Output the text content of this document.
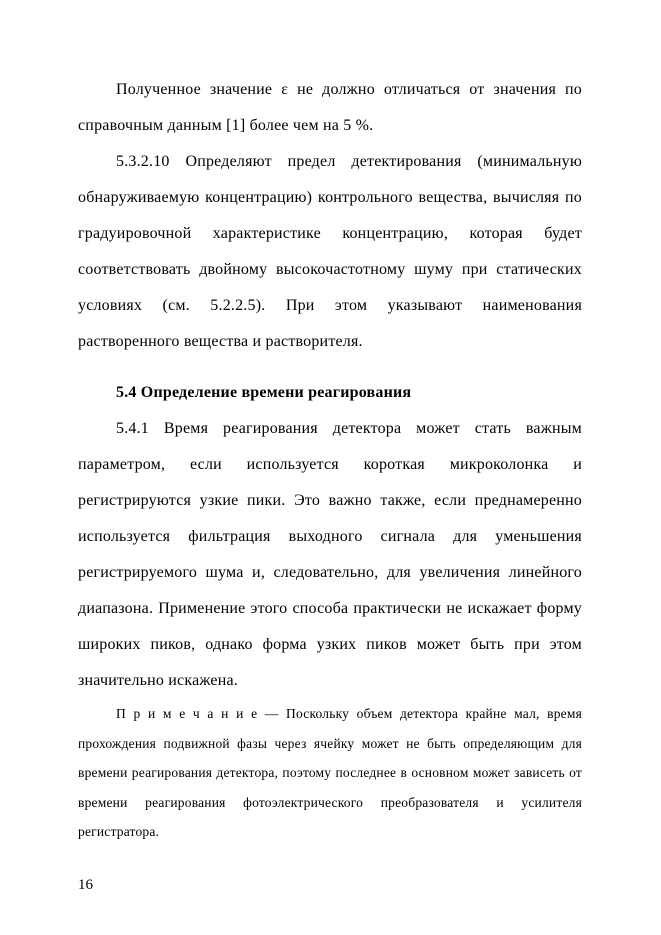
Полученное значение ε не должно отличаться от значения по справочным данным [1] более чем на 5 %.

5.3.2.10 Определяют предел детектирования (минимальную обнаруживаемую концентрацию) контрольного вещества, вычисляя по градуировочной характеристике концентрацию, которая будет соответствовать двойному высокочастотному шуму при статических условиях (см. 5.2.2.5). При этом указывают наименования растворенного вещества и растворителя.

5.4 Определение времени реагирования

5.4.1 Время реагирования детектора может стать важным параметром, если используется короткая микроколонка и регистрируются узкие пики. Это важно также, если преднамеренно используется фильтрация выходного сигнала для уменьшения регистрируемого шума и, следовательно, для увеличения линейного диапазона. Применение этого способа практически не искажает форму широких пиков, однако форма узких пиков может быть при этом значительно искажена.

П р и м е ч а н и е — Поскольку объем детектора крайне мал, время прохождения подвижной фазы через ячейку может не быть определяющим для времени реагирования детектора, поэтому последнее в основном может зависеть от времени реагирования фотоэлектрического преобразователя и усилителя регистратора.

16
